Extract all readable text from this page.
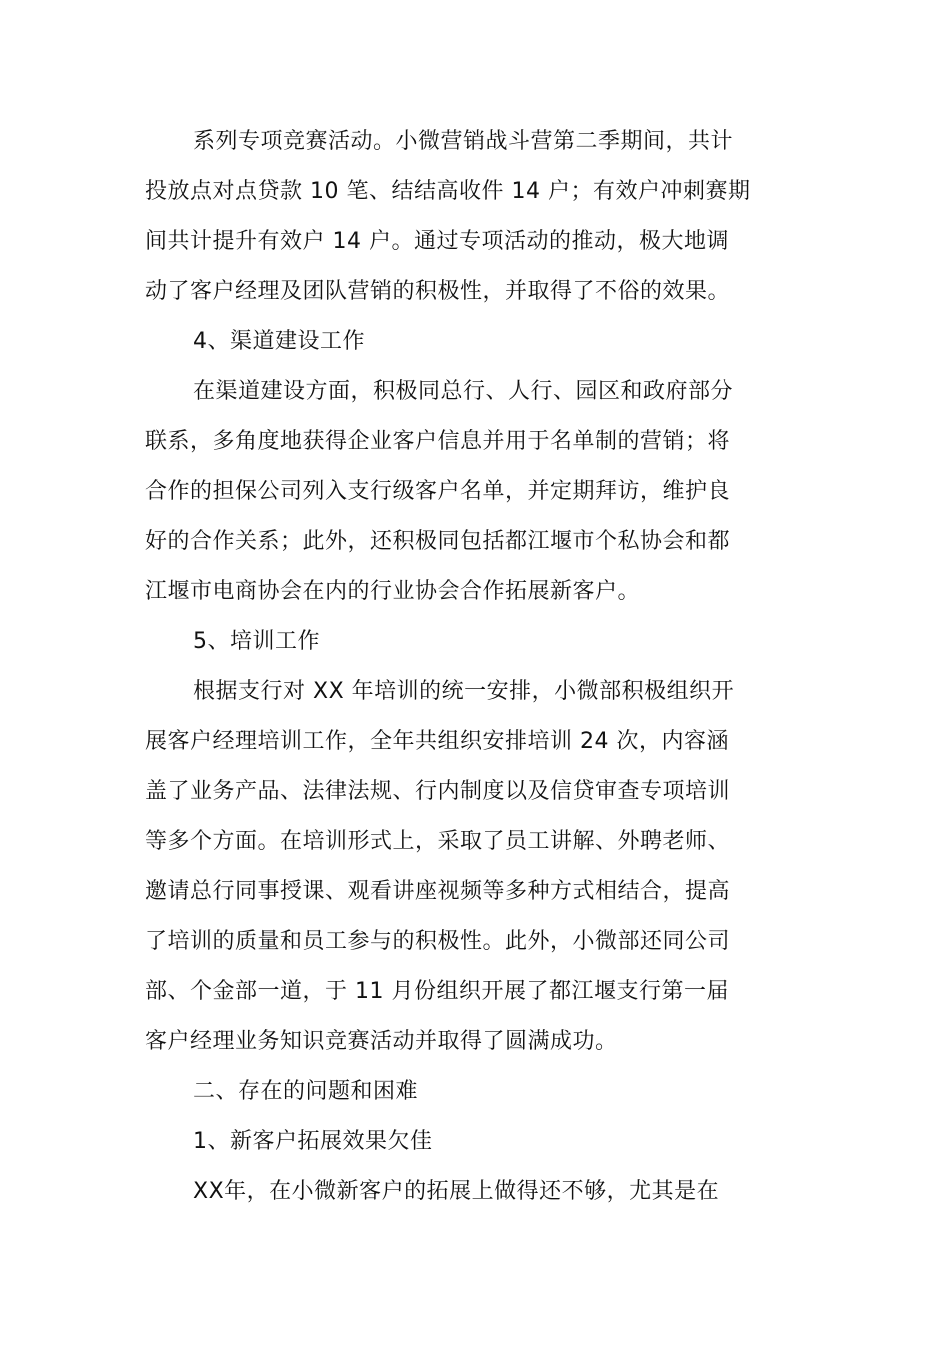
系列专项竞赛活动。小微营销战斗营第二季期间，共计
投放点对点贷款 10 笔、结结高收件 14 户；有效户冲刺赛期
间共计提升有效户 14 户。通过专项活动的推动，极大地调
动了客户经理及团队营销的积极性，并取得了不俗的效果。
4、渠道建设工作
在渠道建设方面，积极同总行、人行、园区和政府部分
联系，多角度地获得企业客户信息并用于名单制的营销；将
合作的担保公司列入支行级客户名单，并定期拜访，维护良
好的合作关系；此外，还积极同包括都江堰市个私协会和都
江堰市电商协会在内的行业协会合作拓展新客户。
5、培训工作
根据支行对 XX 年培训的统一安排，小微部积极组织开
展客户经理培训工作，全年共组织安排培训 24 次，内容涵
盖了业务产品、法律法规、行内制度以及信贷审查专项培训
等多个方面。在培训形式上，采取了员工讲解、外聘老师、
邀请总行同事授课、观看讲座视频等多种方式相结合，提高
了培训的质量和员工参与的积极性。此外，小微部还同公司
部、个金部一道，于 11 月份组织开展了都江堰支行第一届
客户经理业务知识竞赛活动并取得了圆满成功。
二、存在的问题和困难
1、新客户拓展效果欠佳
XX年，在小微新客户的拓展上做得还不够，尤其是在
